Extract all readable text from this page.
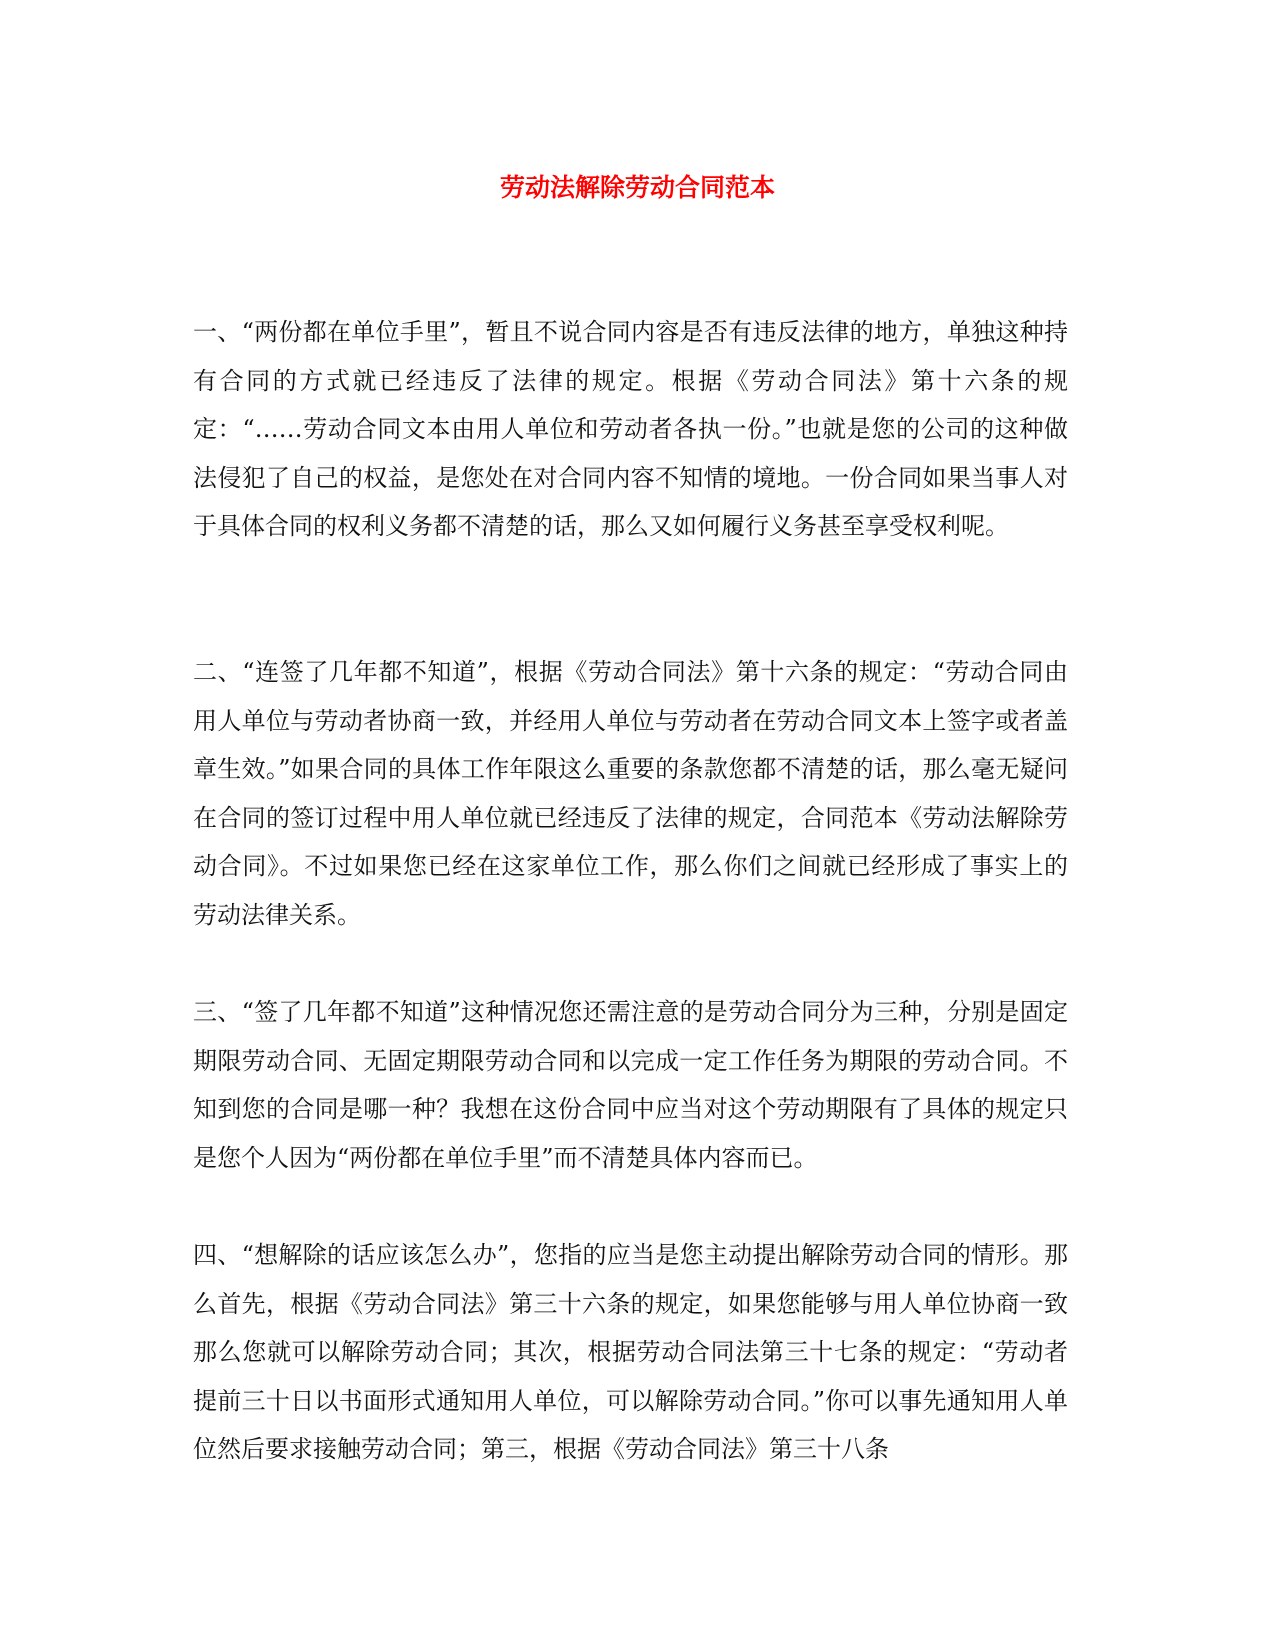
劳动法解除劳动合同范本

一、“两份都在单位手里”，暂且不说合同内容是否有违反法律的地方，单独这种持有合同的方式就已经违反了法律的规定。根据《劳动合同法》第十六条的规定：“……劳动合同文本由用人单位和劳动者各执一份。”也就是您的公司的这种做法侵犯了自己的权益，是您处在对合同内容不知情的境地。一份合同如果当事人对于具体合同的权利义务都不清楚的话，那么又如何履行义务甚至享受权利呢。

二、“连签了几年都不知道”，根据《劳动合同法》第十六条的规定：“劳动合同由用人单位与劳动者协商一致，并经用人单位与劳动者在劳动合同文本上签字或者盖章生效。”如果合同的具体工作年限这么重要的条款您都不清楚的话，那么毫无疑问在合同的签订过程中用人单位就已经违反了法律的规定，合同范本《劳动法解除劳动合同》。不过如果您已经在这家单位工作，那么你们之间就已经形成了事实上的劳动法律关系。

三、“签了几年都不知道”这种情况您还需注意的是劳动合同分为三种，分别是固定期限劳动合同、无固定期限劳动合同和以完成一定工作任务为期限的劳动合同。不知到您的合同是哪一种？我想在这份合同中应当对这个劳动期限有了具体的规定只是您个人因为“两份都在单位手里”而不清楚具体内容而已。

四、“想解除的话应该怎么办”，您指的应当是您主动提出解除劳动合同的情形。那么首先，根据《劳动合同法》第三十六条的规定，如果您能够与用人单位协商一致那么您就可以解除劳动合同；其次，根据劳动合同法第三十七条的规定：“劳动者提前三十日以书面形式通知用人单位，可以解除劳动合同。”你可以事先通知用人单位然后要求接触劳动合同；第三，根据《劳动合同法》第三十八条
